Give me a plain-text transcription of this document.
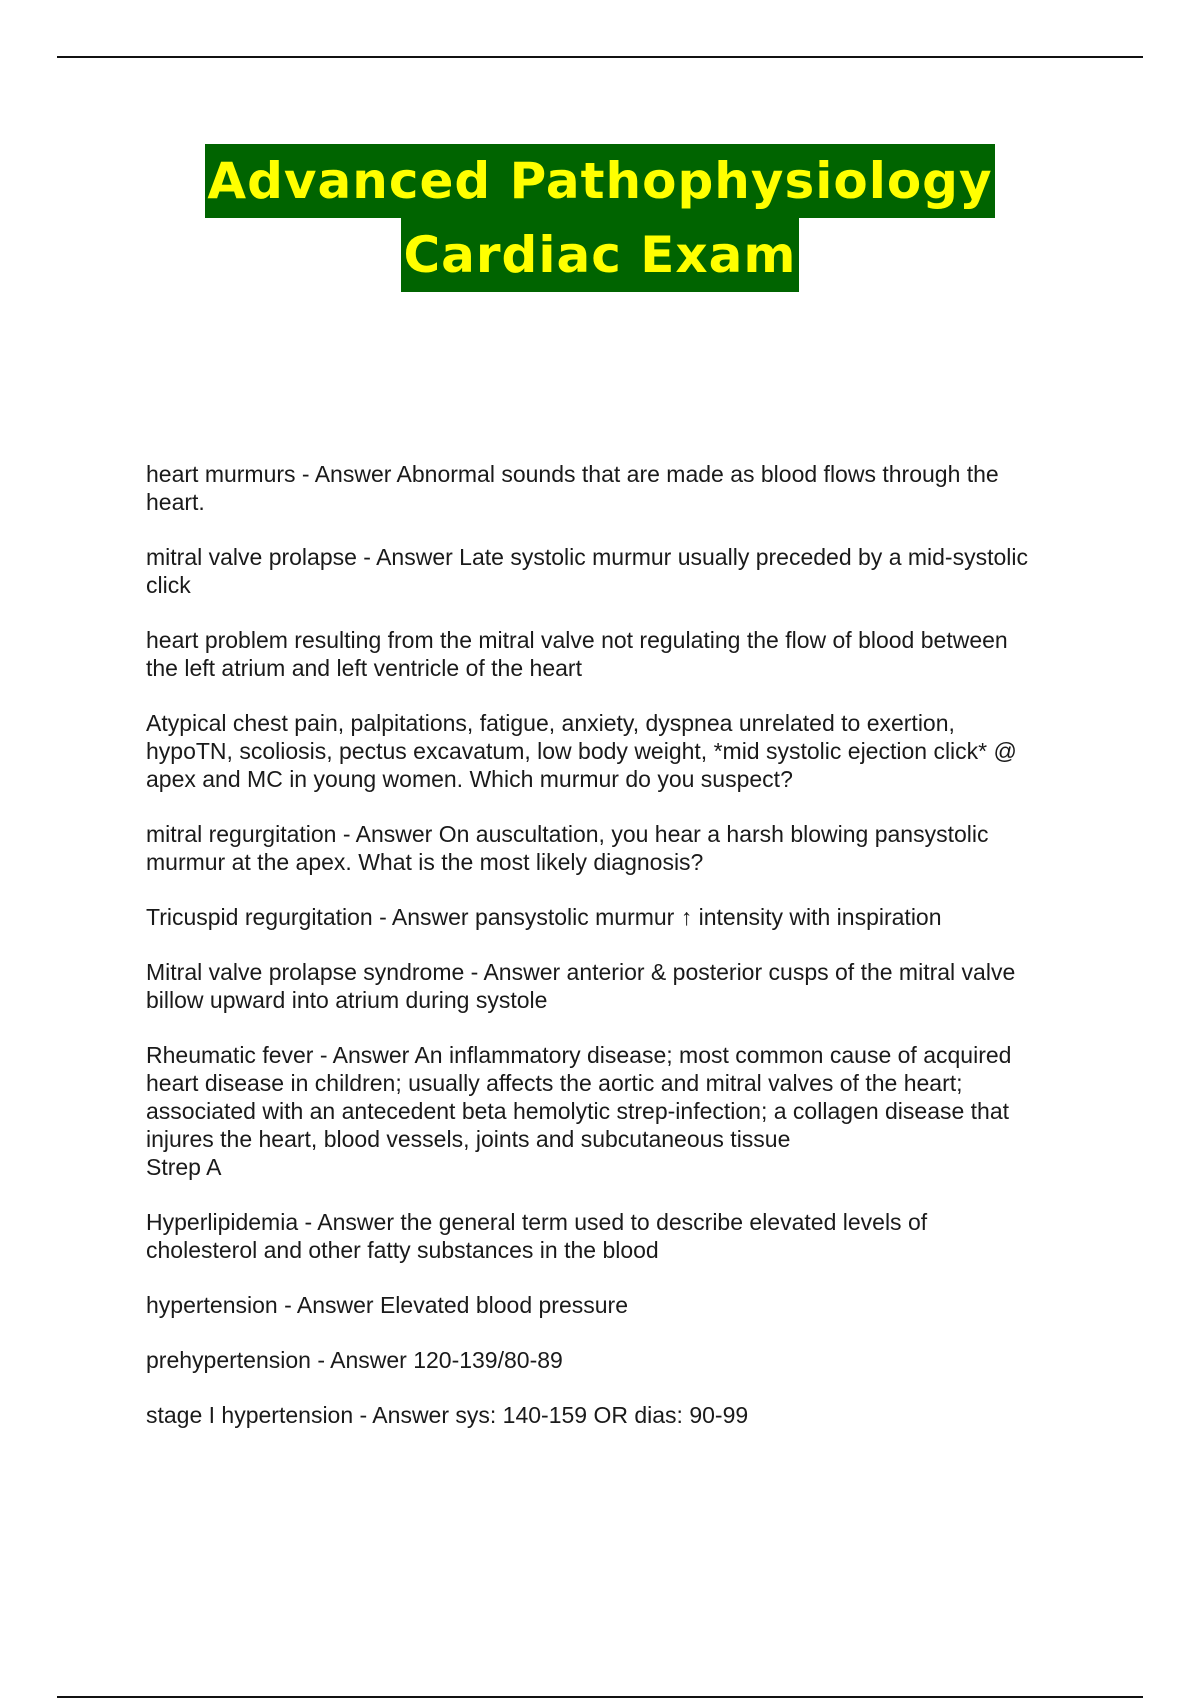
Advanced Pathophysiology
Cardiac Exam
heart murmurs - Answer Abnormal sounds that are made as blood flows through the
heart.
mitral valve prolapse - Answer Late systolic murmur usually preceded by a mid-systolic
click
heart problem resulting from the mitral valve not regulating the flow of blood between
the left atrium and left ventricle of the heart
Atypical chest pain, palpitations, fatigue, anxiety, dyspnea unrelated to exertion,
hypoTN, scoliosis, pectus excavatum, low body weight, *mid systolic ejection click* @
apex and MC in young women. Which murmur do you suspect?
mitral regurgitation - Answer On auscultation, you hear a harsh blowing pansystolic
murmur at the apex. What is the most likely diagnosis?
Tricuspid regurgitation - Answer pansystolic murmur ↑ intensity with inspiration
Mitral valve prolapse syndrome - Answer anterior & posterior cusps of the mitral valve
billow upward into atrium during systole
Rheumatic fever - Answer An inflammatory disease; most common cause of acquired
heart disease in children; usually affects the aortic and mitral valves of the heart;
associated with an antecedent beta hemolytic strep-infection; a collagen disease that
injures the heart, blood vessels, joints and subcutaneous tissue
Strep A
Hyperlipidemia - Answer the general term used to describe elevated levels of
cholesterol and other fatty substances in the blood
hypertension - Answer Elevated blood pressure
prehypertension - Answer 120-139/80-89
stage I hypertension - Answer sys: 140-159 OR dias: 90-99
